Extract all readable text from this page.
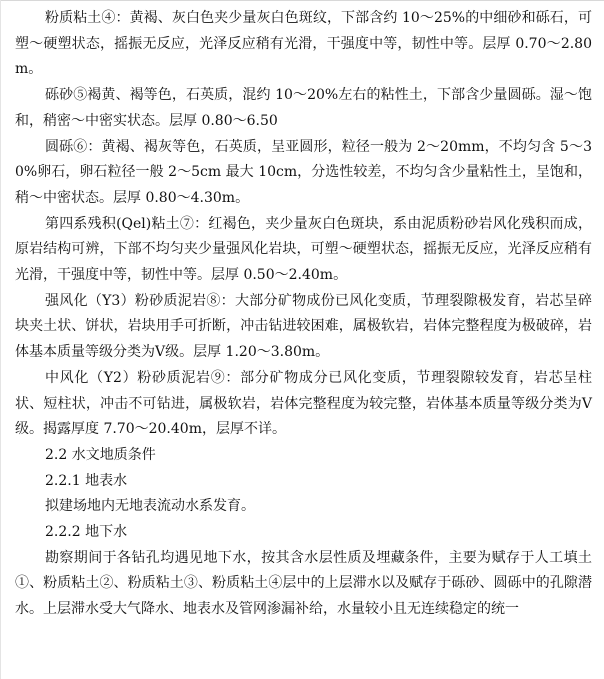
粉质粘土④：黄褐、灰白色夹少量灰白色斑纹，下部含约 10～25%的中细砂和砾石，可塑～硬塑状态，摇振无反应，光泽反应稍有光滑，干强度中等，韧性中等。层厚 0.70～2.80m。

砾砂⑤褐黄、褐等色，石英质，混约 10～20%左右的粘性土，下部含少量圆砾。湿～饱和，稍密～中密实状态。层厚 0.80～6.50

圆砾⑥：黄褐、褐灰等色，石英质，呈亚圆形，粒径一般为 2～20mm，不均匀含 5～30%卵石，卵石粒径一般 2～5cm 最大 10cm，分选性较差，不均匀含少量粘性土，呈饱和，稍～中密状态。层厚 0.80～4.30m。

第四系残积(Qel)粘土⑦：红褐色，夹少量灰白色斑块，系由泥质粉砂岩风化残积而成，原岩结构可辨，下部不均匀夹少量强风化岩块，可塑～硬塑状态，摇振无反应，光泽反应稍有光滑，干强度中等，韧性中等。层厚 0.50～2.40m。

强风化（Y3）粉砂质泥岩⑧：大部分矿物成份已风化变质，节理裂隙极发育，岩芯呈碎块夹土状、饼状，岩块用手可折断，冲击钻进较困难，属极软岩，岩体完整程度为极破碎，岩体基本质量等级分类为Ⅴ级。层厚 1.20～3.80m。

中风化（Y2）粉砂质泥岩⑨：部分矿物成分已风化变质，节理裂隙较发育，岩芯呈柱状、短柱状，冲击不可钻进，属极软岩，岩体完整程度为较完整，岩体基本质量等级分类为Ⅴ级。揭露厚度 7.70～20.40m，层厚不详。

2.2 水文地质条件

2.2.1 地表水

拟建场地内无地表流动水系发育。

2.2.2 地下水

勘察期间于各钻孔均遇见地下水，按其含水层性质及埋藏条件，主要为赋存于人工填土①、粉质粘土②、粉质粘土③、粉质粘土④层中的上层滞水以及赋存于砾砂、圆砾中的孔隙潜水。上层滞水受大气降水、地表水及管网渗漏补给，水量较小且无连续稳定的统一
